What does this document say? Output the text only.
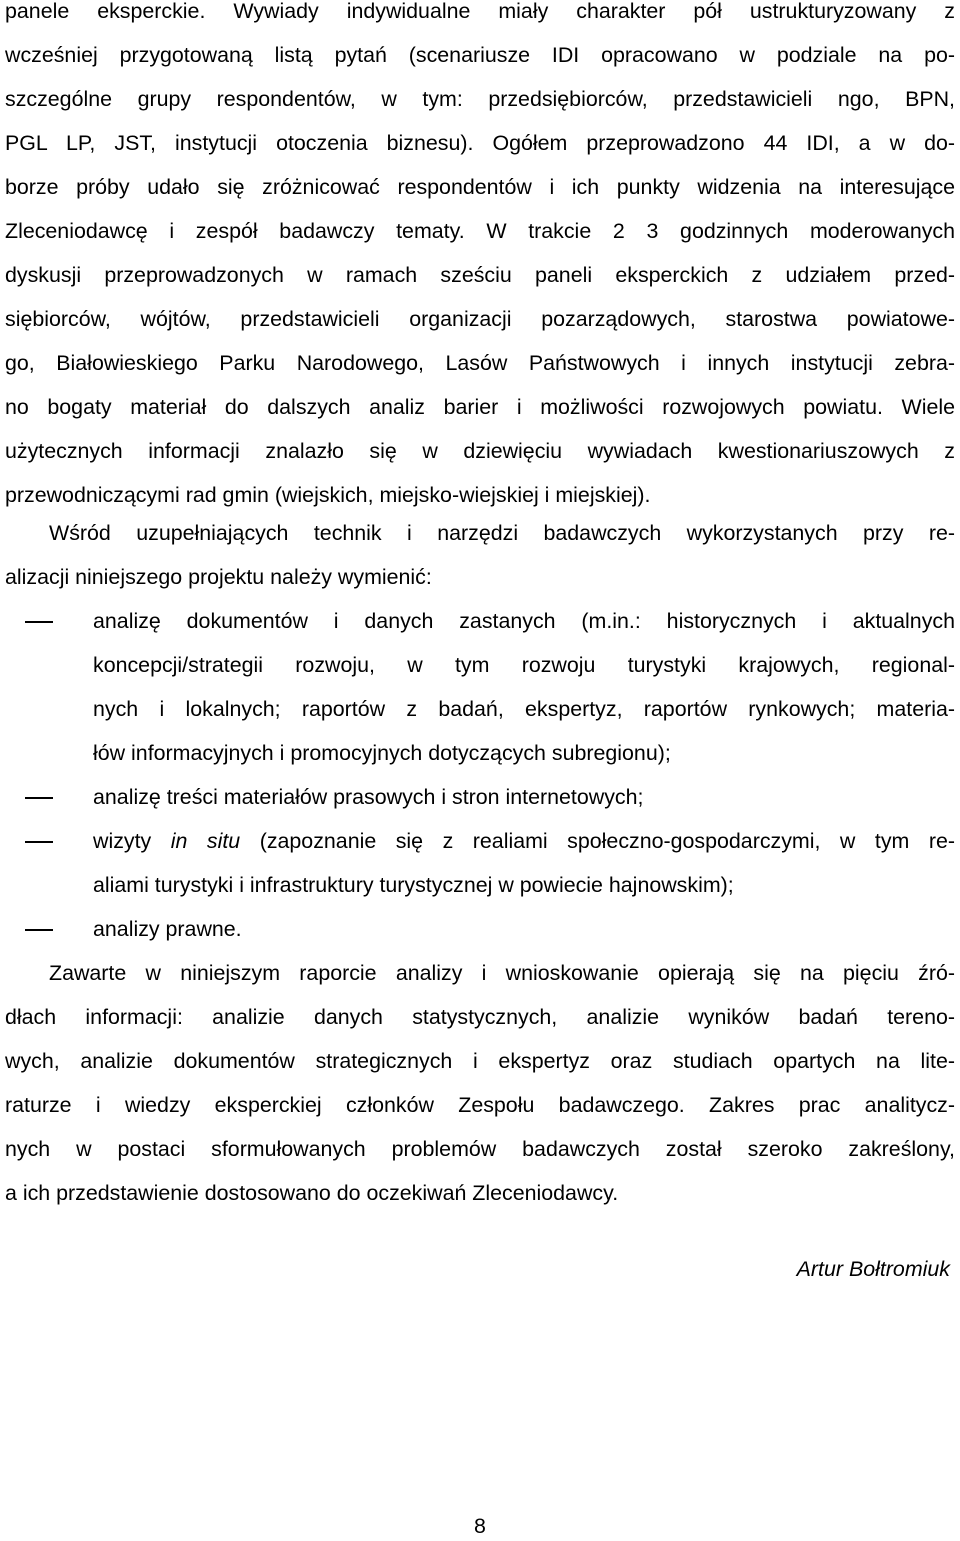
panele eksperckie. Wywiady indywidualne miały charakter pół ustrukturyzowany z
wcześniej przygotowaną listą pytań (scenariusze IDI opracowano w podziale na po-
szczególne grupy respondentów, w tym: przedsiębiorców, przedstawicieli ngo, BPN,
PGL LP, JST, instytucji otoczenia biznesu). Ogółem przeprowadzono 44 IDI, a w do-
borze próby udało się zróżnicować respondentów i ich punkty widzenia na interesujące
Zleceniodawcę i zespół badawczy tematy. W trakcie 2 3 godzinnych moderowanych
dyskusji przeprowadzonych w ramach sześciu paneli eksperckich z udziałem przed-
siębiorców, wójtów, przedstawicieli organizacji pozarządowych, starostwa powiatowe-
go, Białowieskiego Parku Narodowego, Lasów Państwowych i innych instytucji zebra-
no bogaty materiał do dalszych analiz barier i możliwości rozwojowych powiatu. Wiele
użytecznych informacji znalazło się w dziewięciu wywiadach kwestionariuszowych z
przewodniczącymi rad gmin (wiejskich, miejsko-wiejskiej i miejskiej).
Wśród uzupełniających technik i narzędzi badawczych wykorzystanych przy re-
alizacji niniejszego projektu należy wymienić:
analizę dokumentów i danych zastanych (m.in.: historycznych i aktualnych
koncepcji/strategii rozwoju, w tym rozwoju turystyki krajowych, regional-
nych i lokalnych; raportów z badań, ekspertyz, raportów rynkowych; materia-
łów informacyjnych i promocyjnych dotyczących subregionu);
analizę treści materiałów prasowych i stron internetowych;
wizyty in situ (zapoznanie się z realiami społeczno-gospodarczymi, w tym re-
aliami turystyki i infrastruktury turystycznej w powiecie hajnowskim);
analizy prawne.
Zawarte w niniejszym raporcie analizy i wnioskowanie opierają się na pięciu źró-
dłach informacji: analizie danych statystycznych, analizie wyników badań tereno-
wych, analizie dokumentów strategicznych i ekspertyz oraz studiach opartych na lite-
raturze i wiedzy eksperckiej członków Zespołu badawczego. Zakres prac analitycz-
nych w postaci sformułowanych problemów badawczych został szeroko zakreślony,
a ich przedstawienie dostosowano do oczekiwań Zleceniodawcy.
Artur Bołtromiuk
8
